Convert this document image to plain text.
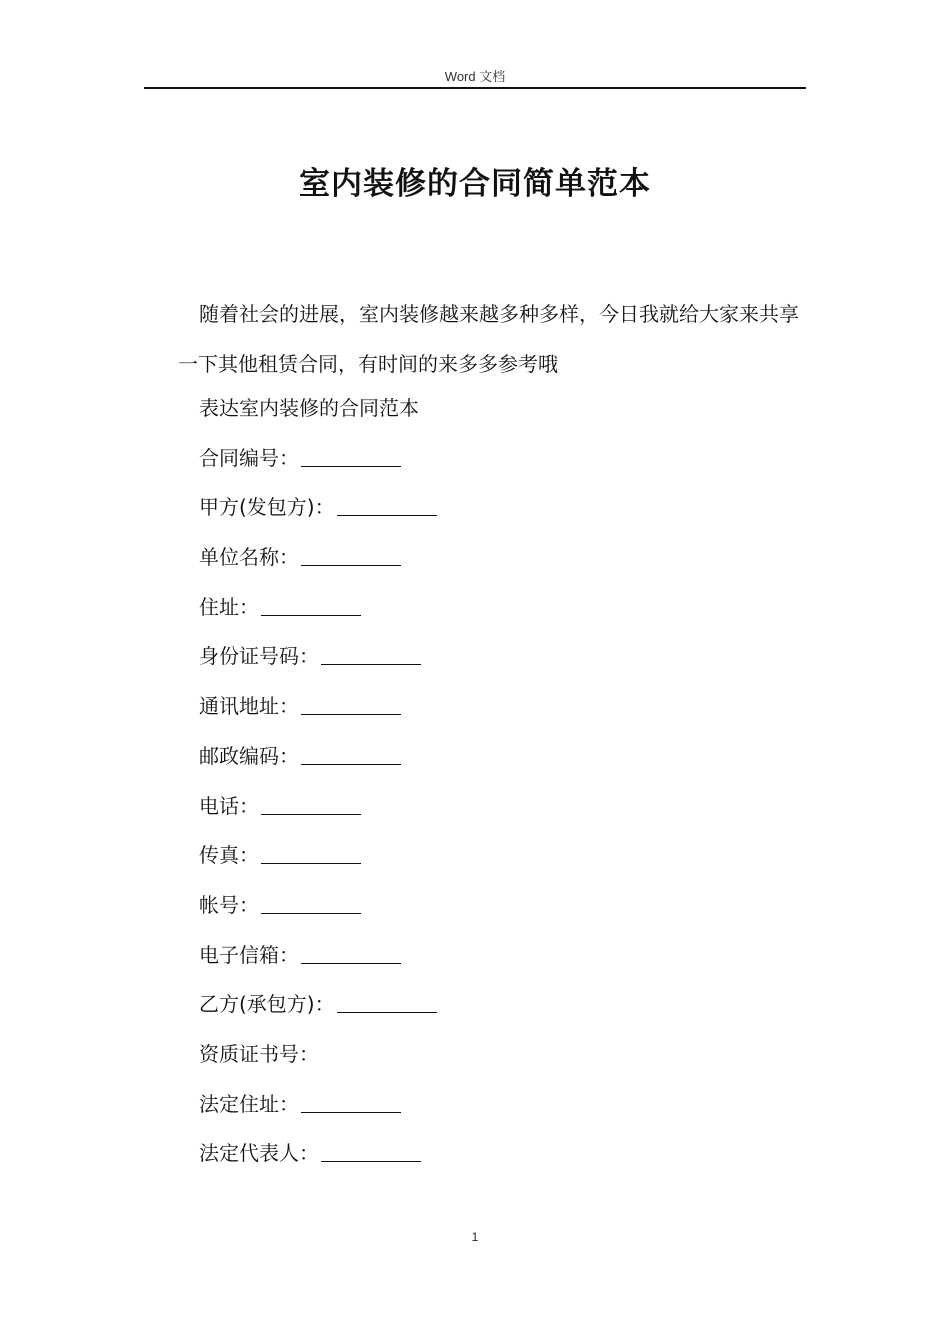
Word 文档
室内装修的合同简单范本

随着社会的进展，室内装修越来越多种多样，今日我就给大家来共享一下其他租赁合同，有时间的来多多参考哦

表达室内装修的合同范本
合同编号：
甲方(发包方)：
单位名称：
住址：
身份证号码：
通讯地址：
邮政编码：
电话：
传真：
帐号：
电子信箱：
乙方(承包方)：
资质证书号：
法定住址：
法定代表人：
1
